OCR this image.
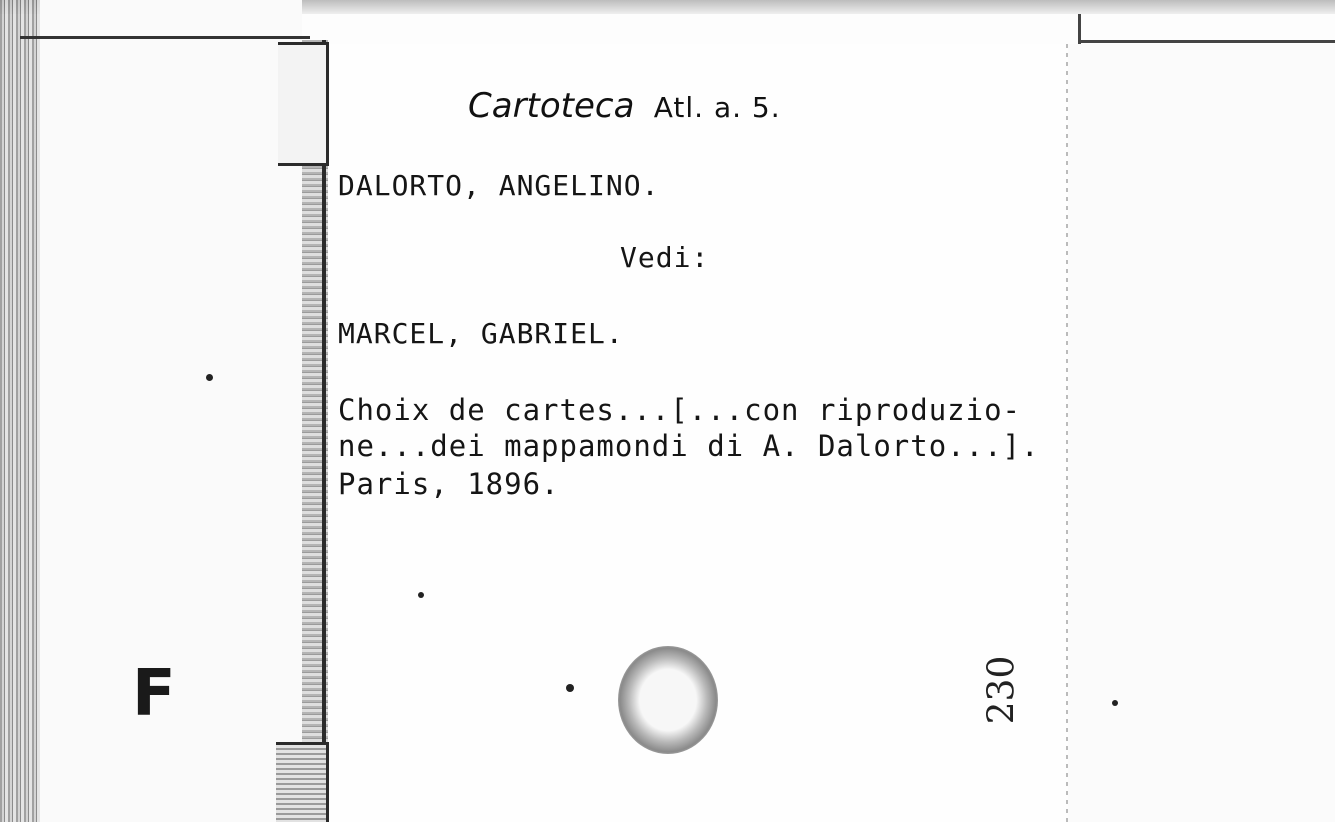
F
Cartoteca Atl. a. 5.
DALORTO, ANGELINO.
Vedi:
MARCEL, GABRIEL.
Choix de cartes...[...con riproduzio-
ne...dei mappamondi di A. Dalorto...].
Paris, 1896.
230
